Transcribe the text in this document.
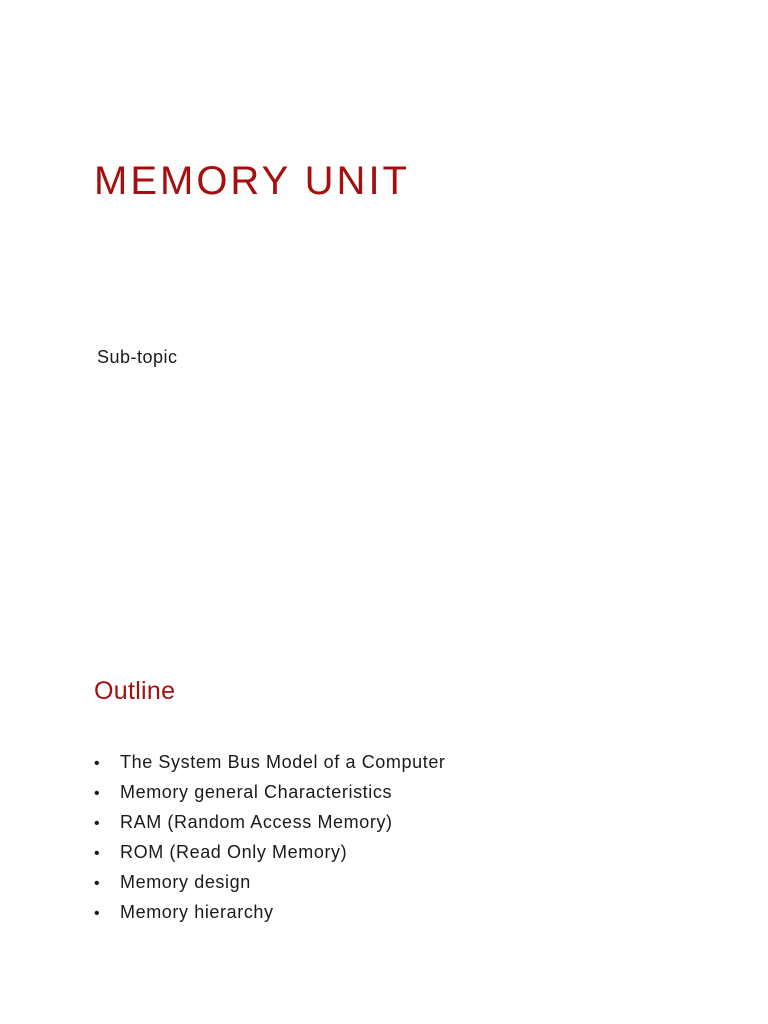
MEMORY UNIT

Sub-topic

Outline
•	The System Bus Model of a Computer
•	Memory general Characteristics
•	RAM (Random Access Memory)
•	ROM (Read Only Memory)
•	Memory design
•	Memory hierarchy
